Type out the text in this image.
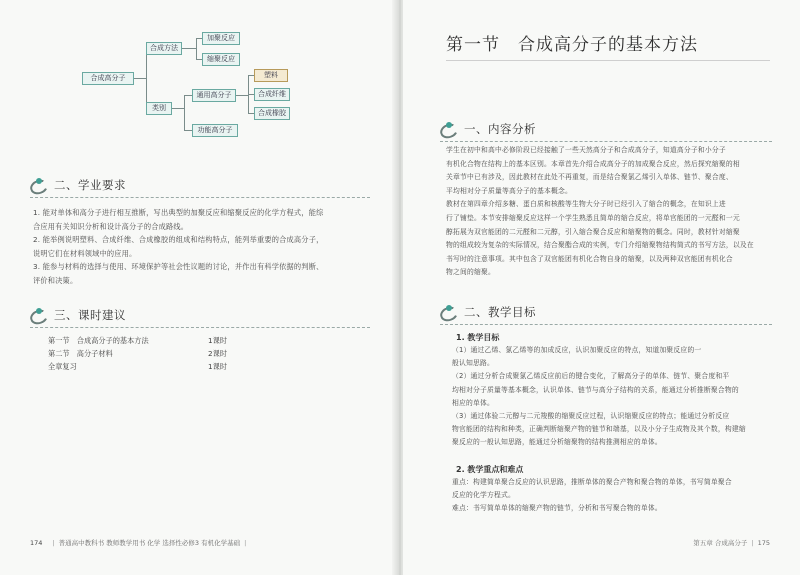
合成高分子
合成方法
加聚反应
缩聚反应
类别
通用高分子
功能高分子
塑料
合成纤维
合成橡胶
二、学业要求

1. 能对单体和高分子进行相互推断，写出典型的加聚反应和缩聚反应的化学方程式，能综

合应用有关知识分析和设计高分子的合成路线。

2. 能举例说明塑料、合成纤维、合成橡胶的组成和结构特点，能列举重要的合成高分子，

说明它们在材料领域中的应用。

3. 能参与材料的选择与使用、环境保护等社会性议题的讨论，并作出有科学依据的判断、

评价和决策。

三、课时建议
第一节　合成高分子的基本方法	1课时
第二节　高分子材料	2课时
全章复习	1课时
174 | 普通高中教科书 教师教学用书 化学 选择性必修3 有机化学基础 |
第一节 合成高分子的基本方法
一、内容分析

学生在初中和高中必修阶段已经接触了一些天然高分子和合成高分子，知道高分子和小分子

有机化合物在结构上的基本区别。本章首先介绍合成高分子的加成聚合反应，然后探究缩聚的相

关章节中已有涉及，因此教材在此处不再重复，而是结合聚氯乙烯引入单体、链节、聚合度、

平均相对分子质量等高分子的基本概念。

教材在第四章介绍多糖、蛋白质和核酸等生物大分子时已经引入了缩合的概念，在知识上进

行了铺垫。本节安排缩聚反应这样一个学生熟悉且简单的缩合反应，将单官能团的一元醛和一元

醇拓展为双官能团的二元醛和二元醇，引入缩合聚合反应和缩聚物的概念。同时，教材针对缩聚

物的组成较为复杂的实际情况，结合聚酯合成的实例，专门介绍缩聚物结构简式的书写方法，以及在

书写时的注意事项。其中包含了双官能团有机化合物自身的缩聚，以及两种双官能团有机化合

物之间的缩聚。

二、教学目标
1. 教学目标

（1）通过乙烯、氯乙烯等的加成反应，认识加聚反应的特点，知道加聚反应的一

般认知思路。

（2）通过分析合成聚氯乙烯反应前后的键合变化，了解高分子的单体、链节、聚合度和平

均相对分子质量等基本概念，认识单体、链节与高分子结构的关系，能通过分析推断聚合物的

相应的单体。

（3）通过体验二元醇与二元羧酸的缩聚反应过程，认识缩聚反应的特点；能通过分析反应

物官能团的结构和种类，正确判断缩聚产物的链节和端基，以及小分子生成物及其个数，构建缩

聚反应的一般认知思路，能通过分析缩聚物的结构推测相应的单体。

2. 教学重点和难点

重点：构建简单聚合反应的认识思路，推断单体的聚合产物和聚合物的单体，书写简单聚合

反应的化学方程式。

难点：书写简单单体的缩聚产物的链节，分析和书写聚合物的单体。

第五章 合成高分子 | 175
